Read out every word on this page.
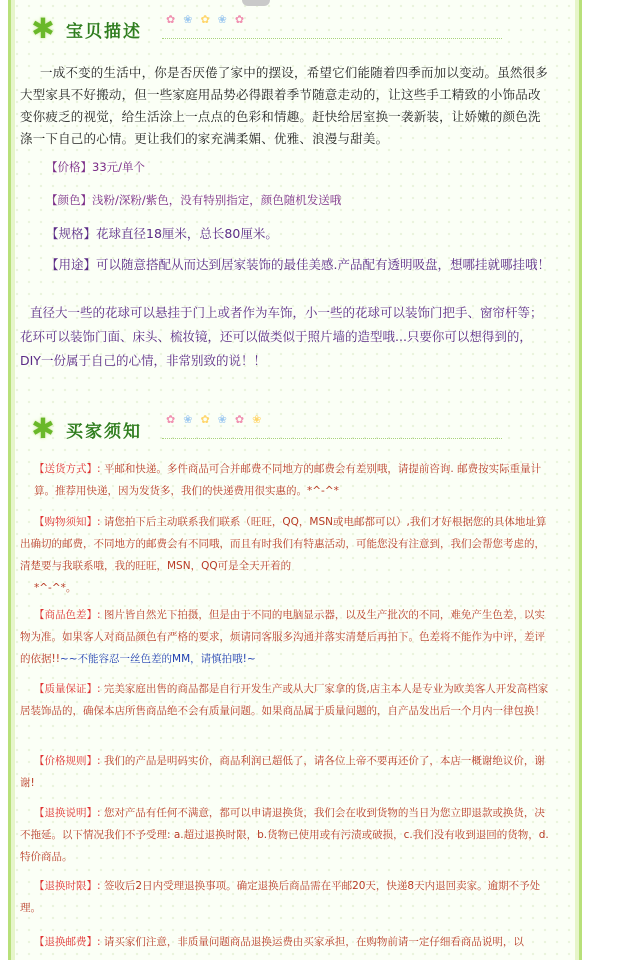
✱ 宝贝描述
✿ ❀ ✿ ❀ ✿

一成不变的生活中，你是否厌倦了家中的摆设，希望它们能随着四季而加以变动。虽然很多大型家具不好搬动，但一些家庭用品势必得跟着季节随意走动的，让这些手工精致的小饰品改变你疲乏的视觉，给生活涂上一点点的色彩和情趣。赶快给居室换一袭新装，让娇嫩的颜色洗涤一下自己的心情。更让我们的家充满柔媚、优雅、浪漫与甜美。

【价格】33元/单个
【颜色】浅粉/深粉/紫色，没有特别指定，颜色随机发送哦
【规格】花球直径18厘米，总长80厘米。

【用途】可以随意搭配从而达到居家装饰的最佳美感.产品配有透明吸盘，想哪挂就哪挂哦！

直径大一些的花球可以悬挂于门上或者作为车饰，小一些的花球可以装饰门把手、窗帘杆等；花环可以装饰门面、床头、梳妆镜，还可以做类似于照片墙的造型哦...只要你可以想得到的，DIY一份属于自己的心情，非常别致的说！！

✱ 买家须知
✿ ❀ ✿ ❀ ✿ ❀
【送货方式】: 平邮和快递。多件商品可合并邮费不同地方的邮费会有差别哦，请提前咨询. 邮费按实际重量计算。推荐用快递，因为发货多，我们的快递费用很实惠的。*^-^*
【购物须知】: 请您拍下后主动联系我们联系（旺旺，QQ，MSN或电邮都可以）,我们才好根据您的具体地址算出确切的邮费，不同地方的邮费会有不同哦，而且有时我们有特惠活动，可能您没有注意到，我们会帮您考虑的，清楚要与我联系哦，我的旺旺，MSN，QQ可是全天开着的
*^-^*。
【商品色差】: 图片皆自然光下拍摄，但是由于不同的电脑显示器，以及生产批次的不同，难免产生色差，以实物为准。如果客人对商品颜色有严格的要求，烦请同客服多沟通并落实清楚后再拍下。色差将不能作为中评，差评的依据!!~~不能容忍一丝色差的MM，请慎拍哦!~
【质量保证】: 完美家庭出售的商品都是自行开发生产或从大厂家拿的货,店主本人是专业为欧美客人开发高档家居装饰品的，确保本店所售商品绝不会有质量问题。如果商品属于质量问题的，自产品发出后一个月内一律包换！
【价格规则】: 我们的产品是明码实价，商品利润已超低了，请各位上帝不要再还价了，本店一概谢绝议价，谢谢!
【退换说明】: 您对产品有任何不满意，都可以申请退换货，我们会在收到货物的当日为您立即退款或换货，决不拖延。以下情况我们不予受理: a.超过退换时限，b.货物已使用或有污渍或破损，c.我们没有收到退回的货物，d.特价商品。
【退换时限】: 签收后2日内受理退换事项。确定退换后商品需在平邮20天，快递8天内退回卖家。逾期不予处理。
【退换邮费】: 请买家们注意，非质量问题商品退换运费由买家承担，在购物前请一定仔细看商品说明，以
